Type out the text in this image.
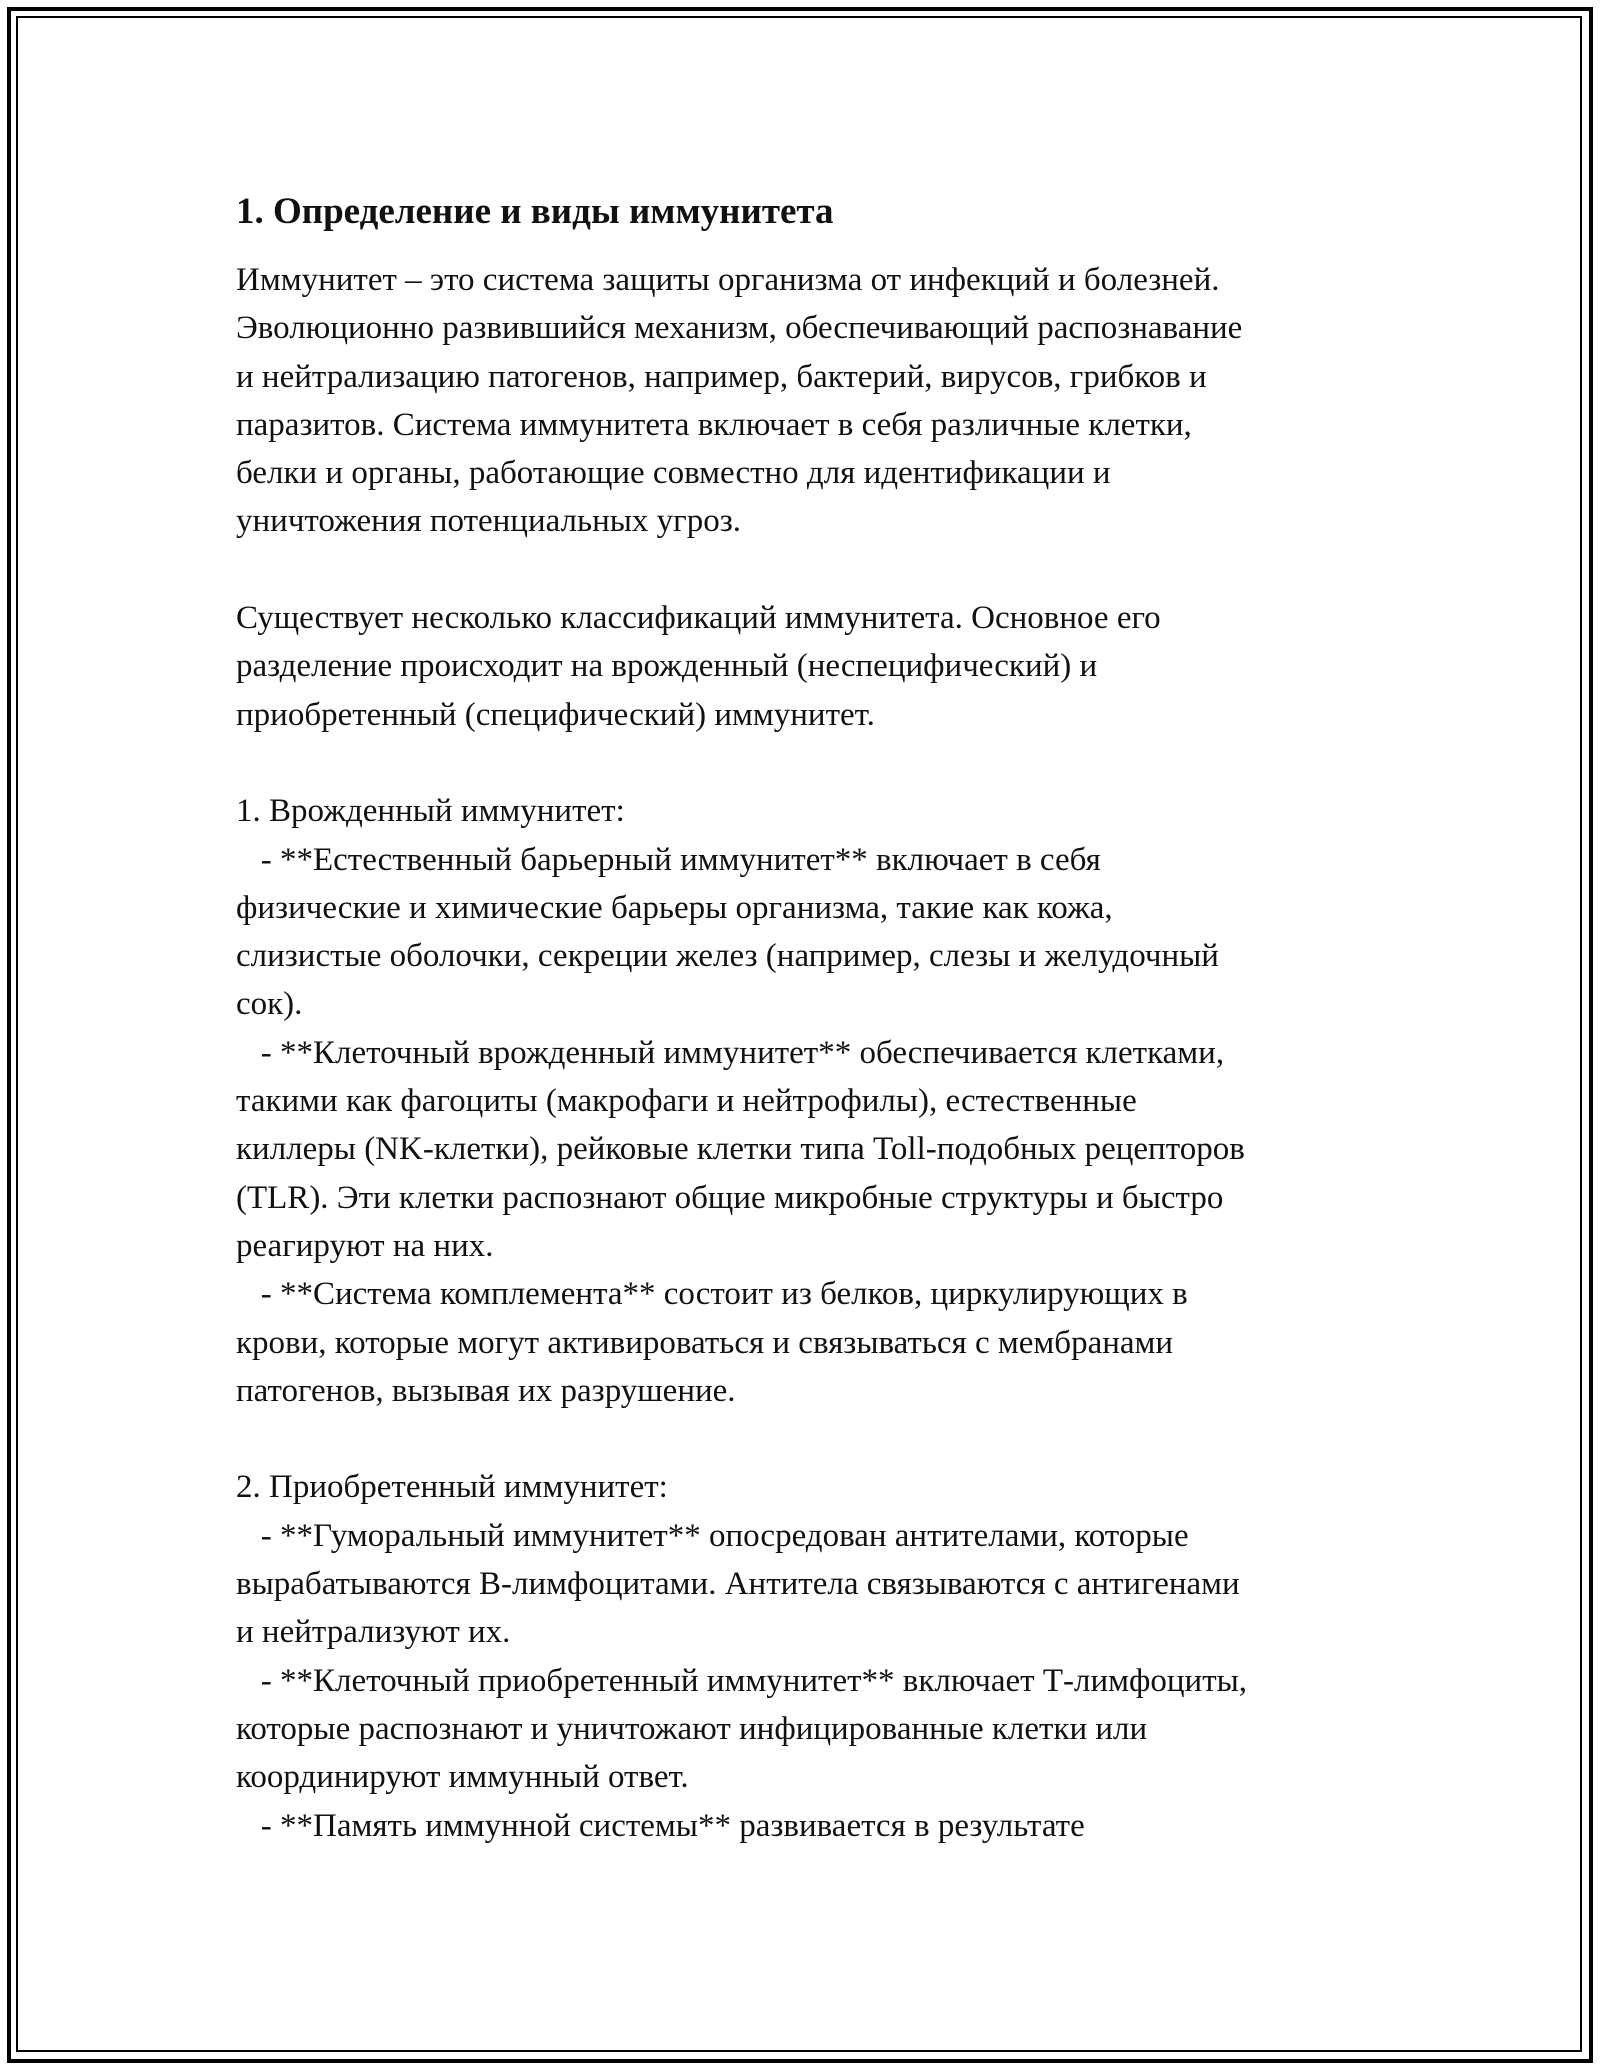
1. Определение и виды иммунитета
Иммунитет – это система защиты организма от инфекций и болезней.
Эволюционно развившийся механизм, обеспечивающий распознавание
и нейтрализацию патогенов, например, бактерий, вирусов, грибков и
паразитов. Система иммунитета включает в себя различные клетки,
белки и органы, работающие совместно для идентификации и
уничтожения потенциальных угроз.
Существует несколько классификаций иммунитета. Основное его
разделение происходит на врожденный (неспецифический) и
приобретенный (специфический) иммунитет.
1. Врожденный иммунитет:
- **Естественный барьерный иммунитет** включает в себя
физические и химические барьеры организма, такие как кожа,
слизистые оболочки, секреции желез (например, слезы и желудочный
сок).
- **Клеточный врожденный иммунитет** обеспечивается клетками,
такими как фагоциты (макрофаги и нейтрофилы), естественные
киллеры (NK-клетки), рейковые клетки типа Toll-подобных рецепторов
(TLR). Эти клетки распознают общие микробные структуры и быстро
реагируют на них.
- **Система комплемента** состоит из белков, циркулирующих в
крови, которые могут активироваться и связываться с мембранами
патогенов, вызывая их разрушение.
2. Приобретенный иммунитет:
- **Гуморальный иммунитет** опосредован антителами, которые
вырабатываются В-лимфоцитами. Антитела связываются с антигенами
и нейтрализуют их.
- **Клеточный приобретенный иммунитет** включает Т-лимфоциты,
которые распознают и уничтожают инфицированные клетки или
координируют иммунный ответ.
- **Память иммунной системы** развивается в результате
